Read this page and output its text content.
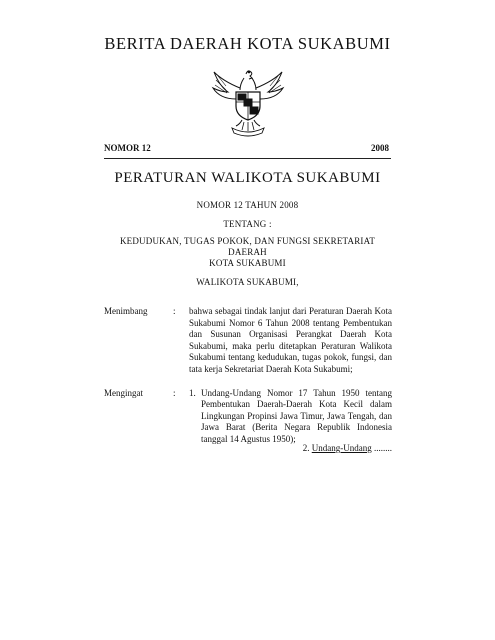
BERITA DAERAH KOTA SUKABUMI
NOMOR 12	2008
PERATURAN WALIKOTA SUKABUMI
NOMOR 12 TAHUN 2008
TENTANG :
KEDUDUKAN, TUGAS POKOK, DAN FUNGSI SEKRETARIAT DAERAH
KOTA SUKABUMI
WALIKOTA SUKABUMI,
Menimbang	: bahwa sebagai tindak lanjut dari Peraturan Daerah Kota Sukabumi Nomor 6 Tahun 2008 tentang Pembentukan dan Susunan Organisasi Perangkat Daerah Kota Sukabumi, maka perlu ditetapkan Peraturan Walikota Sukabumi tentang kedudukan, tugas pokok, fungsi, dan tata kerja Sekretariat Daerah Kota Sukabumi;
Mengingat	: 1. Undang-Undang Nomor 17 Tahun 1950 tentang Pembentukan Daerah-Daerah Kota Kecil dalam Lingkungan Propinsi Jawa Timur, Jawa Tengah, dan Jawa Barat (Berita Negara Republik Indonesia tanggal 14 Agustus 1950);
2. Undang-Undang ........
